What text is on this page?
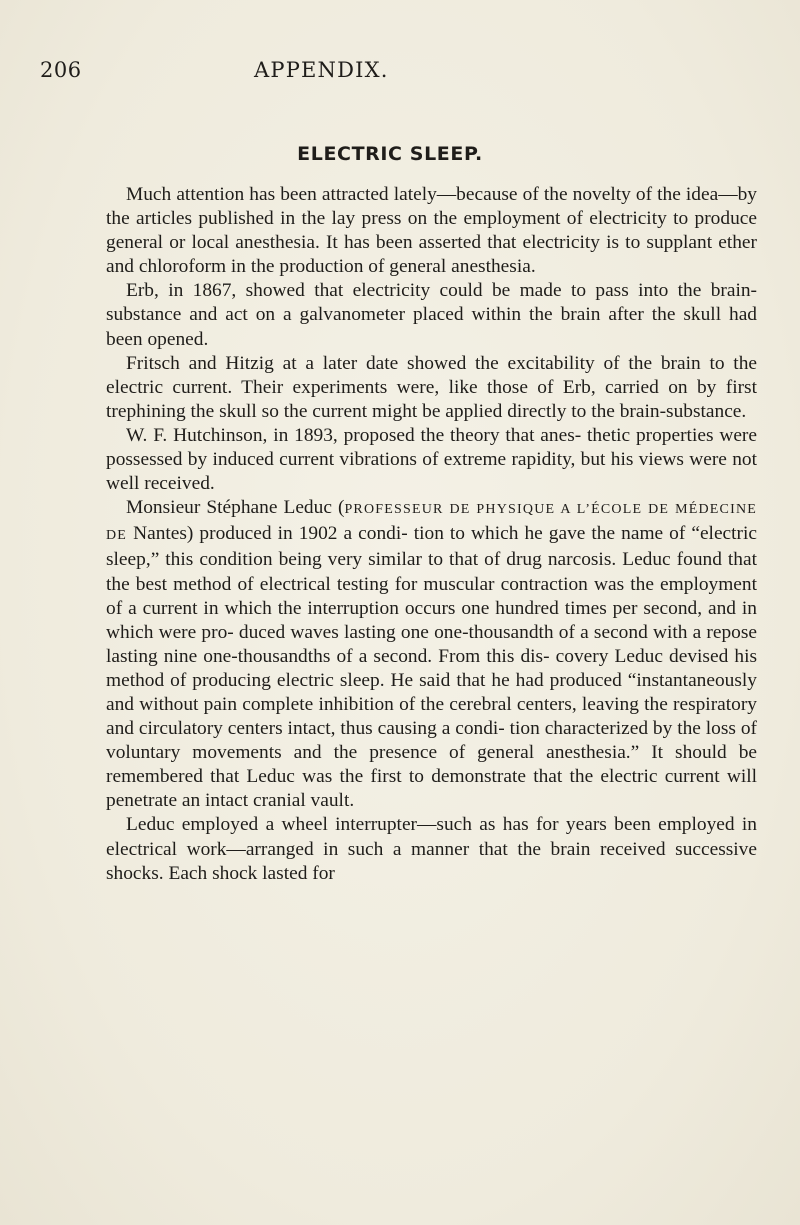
206	APPENDIX.
ELECTRIC SLEEP.

Much attention has been attracted lately—because of the novelty of the idea—by the articles published in the lay press on the employment of electricity to produce general or local anesthesia. It has been asserted that electricity is to supplant ether and chloroform in the production of general anesthesia.

Erb, in 1867, showed that electricity could be made to pass into the brain-substance and act on a galvanometer placed within the brain after the skull had been opened.

Fritsch and Hitzig at a later date showed the excitability of the brain to the electric current. Their experiments were, like those of Erb, carried on by first trephining the skull so the current might be applied directly to the brain-substance.

W. F. Hutchinson, in 1893, proposed the theory that anes- thetic properties were possessed by induced current vibrations of extreme rapidity, but his views were not well received.

Monsieur Stéphane Leduc (PROFESSEUR DE PHYSIQUE A L’ÉCOLE DE MÉDECINE DE Nantes) produced in 1902 a condi- tion to which he gave the name of “electric sleep,” this condition being very similar to that of drug narcosis. Leduc found that the best method of electrical testing for muscular contraction was the employment of a current in which the interruption occurs one hundred times per second, and in which were pro- duced waves lasting one one-thousandth of a second with a repose lasting nine one-thousandths of a second. From this dis- covery Leduc devised his method of producing electric sleep. He said that he had produced “instantaneously and without pain complete inhibition of the cerebral centers, leaving the respiratory and circulatory centers intact, thus causing a condi- tion characterized by the loss of voluntary movements and the presence of general anesthesia.” It should be remembered that Leduc was the first to demonstrate that the electric current will penetrate an intact cranial vault.

Leduc employed a wheel interrupter—such as has for years been employed in electrical work—arranged in such a manner that the brain received successive shocks. Each shock lasted for
